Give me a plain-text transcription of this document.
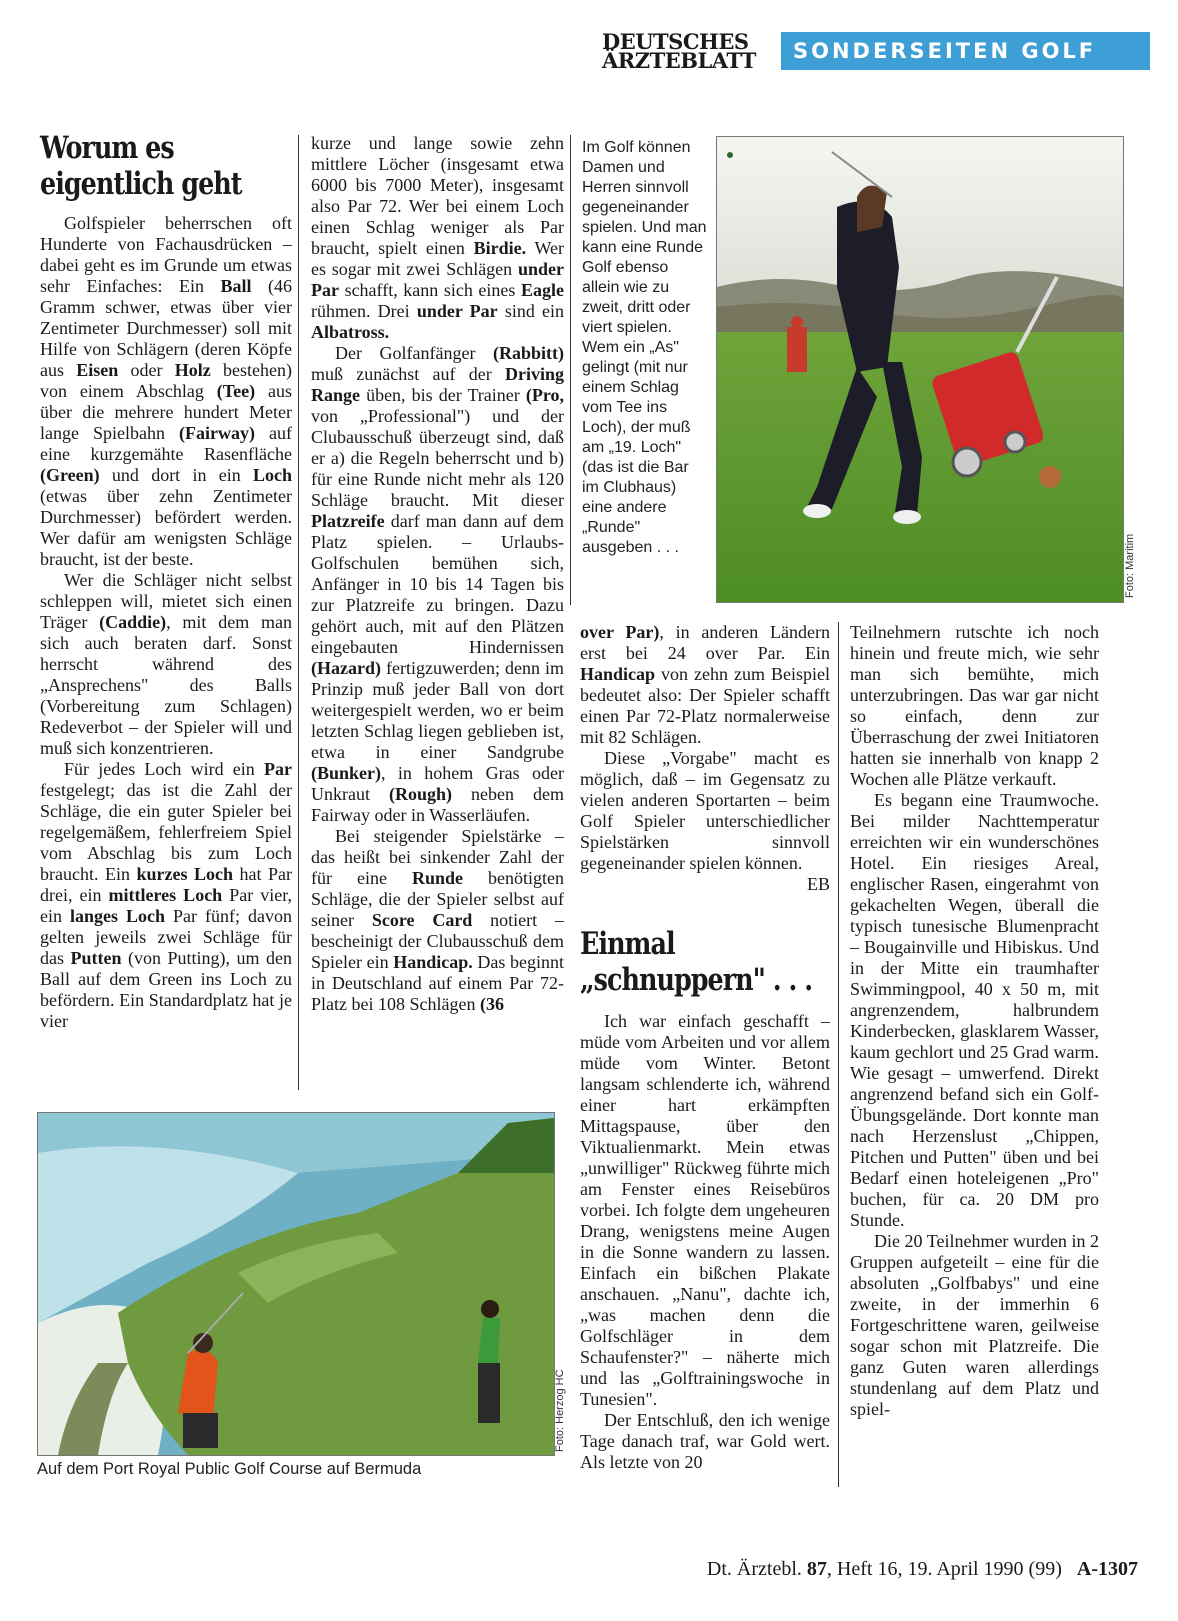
DEUTSCHES
ÄRZTEBLATT	SONDERSEITEN GOLF
Worum es
eigentlich geht

Golfspieler beherrschen oft Hunderte von Fachausdrücken – dabei geht es im Grunde um etwas sehr Einfaches: Ein Ball (46 Gramm schwer, etwas über vier Zentimeter Durchmesser) soll mit Hilfe von Schlägern (deren Köpfe aus Eisen oder Holz bestehen) von einem Abschlag (Tee) aus über die mehrere hundert Meter lange Spielbahn (Fairway) auf eine kurzgemähte Rasenfläche (Green) und dort in ein Loch (etwas über zehn Zentimeter Durchmesser) befördert werden. Wer dafür am wenigsten Schläge braucht, ist der beste.

Wer die Schläger nicht selbst schleppen will, mietet sich einen Träger (Caddie), mit dem man sich auch beraten darf. Sonst herrscht während des „Ansprechens" des Balls (Vorbereitung zum Schlagen) Redeverbot – der Spieler will und muß sich konzentrieren.

Für jedes Loch wird ein Par festgelegt; das ist die Zahl der Schläge, die ein guter Spieler bei regelgemäßem, fehlerfreiem Spiel vom Abschlag bis zum Loch braucht. Ein kurzes Loch hat Par drei, ein mittleres Loch Par vier, ein langes Loch Par fünf; davon gelten jeweils zwei Schläge für das Putten (von Putting), um den Ball auf dem Green ins Loch zu befördern. Ein Standardplatz hat je vier

kurze und lange sowie zehn mittlere Löcher (insgesamt etwa 6000 bis 7000 Meter), insgesamt also Par 72. Wer bei einem Loch einen Schlag weniger als Par braucht, spielt einen Birdie. Wer es sogar mit zwei Schlägen under Par schafft, kann sich eines Eagle rühmen. Drei under Par sind ein Albatross.

Der Golfanfänger (Rabbitt) muß zunächst auf der Driving Range üben, bis der Trainer (Pro, von „Professional") und der Clubausschuß überzeugt sind, daß er a) die Regeln beherrscht und b) für eine Runde nicht mehr als 120 Schläge braucht. Mit dieser Platzreife darf man dann auf dem Platz spielen. – Urlaubs-Golfschulen bemühen sich, Anfänger in 10 bis 14 Tagen bis zur Platzreife zu bringen. Dazu gehört auch, mit auf den Plätzen eingebauten Hindernissen (Hazard) fertigzuwerden; denn im Prinzip muß jeder Ball von dort weitergespielt werden, wo er beim letzten Schlag liegen geblieben ist, etwa in einer Sandgrube (Bunker), in hohem Gras oder Unkraut (Rough) neben dem Fairway oder in Wasserläufen.

Bei steigender Spielstärke – das heißt bei sinkender Zahl der für eine Runde benötigten Schläge, die der Spieler selbst auf seiner Score Card notiert – bescheinigt der Clubausschuß dem Spieler ein Handicap. Das beginnt in Deutschland auf einem Par 72-Platz bei 108 Schlägen (36

Im Golf können Damen und Herren sinnvoll gegeneinander spielen. Und man kann eine Runde Golf ebenso allein wie zu zweit, dritt oder viert spielen. Wem ein „As" gelingt (mit nur einem Schlag vom Tee ins Loch), der muß am „19. Loch" (das ist die Bar im Clubhaus) eine andere „Runde" ausgeben . . .	Foto: Maritim

over Par), in anderen Ländern erst bei 24 over Par. Ein Handicap von zehn zum Beispiel bedeutet also: Der Spieler schafft einen Par 72-Platz normalerweise mit 82 Schlägen.

Diese „Vorgabe" macht es möglich, daß – im Gegensatz zu vielen anderen Sportarten – beim Golf Spieler unterschiedlicher Spielstärken sinnvoll gegeneinander spielen können.

EB

Einmal
„schnuppern" . . .

Ich war einfach geschafft – müde vom Arbeiten und vor allem müde vom Winter. Betont langsam schlenderte ich, während einer hart erkämpften Mittagspause, über den Viktualienmarkt. Mein etwas „unwilliger" Rückweg führte mich am Fenster eines Reisebüros vorbei. Ich folgte dem ungeheuren Drang, wenigstens meine Augen in die Sonne wandern zu lassen. Einfach ein bißchen Plakate anschauen. „Nanu", dachte ich, „was machen denn die Golfschläger in dem Schaufenster?" – näherte mich und las „Golftrainingswoche in Tunesien".

Der Entschluß, den ich wenige Tage danach traf, war Gold wert. Als letzte von 20

Teilnehmern rutschte ich noch hinein und freute mich, wie sehr man sich bemühte, mich unterzubringen. Das war gar nicht so einfach, denn zur Überraschung der zwei Initiatoren hatten sie innerhalb von knapp 2 Wochen alle Plätze verkauft.

Es begann eine Traumwoche. Bei milder Nachttemperatur erreichten wir ein wunderschönes Hotel. Ein riesiges Areal, englischer Rasen, eingerahmt von gekachelten Wegen, überall die typisch tunesische Blumenpracht – Bougainville und Hibiskus. Und in der Mitte ein traumhafter Swimmingpool, 40 x 50 m, mit angrenzendem, halbrundem Kinderbecken, glasklarem Wasser, kaum gechlort und 25 Grad warm. Wie gesagt – umwerfend. Direkt angrenzend befand sich ein Golf-Übungsgelände. Dort konnte man nach Herzenslust „Chippen, Pitchen und Putten" üben und bei Bedarf einen hoteleigenen „Pro" buchen, für ca. 20 DM pro Stunde.

Die 20 Teilnehmer wurden in 2 Gruppen aufgeteilt – eine für die absoluten „Golfbabys" und eine zweite, in der immerhin 6 Fortgeschrittene waren, geilweise sogar schon mit Platzreife. Die ganz Guten waren allerdings stundenlang auf dem Platz und spiel-

Foto: Herzog HC
Auf dem Port Royal Public Golf Course auf Bermuda
Dt. Ärztebl. 87, Heft 16, 19. April 1990 (99) A-1307
